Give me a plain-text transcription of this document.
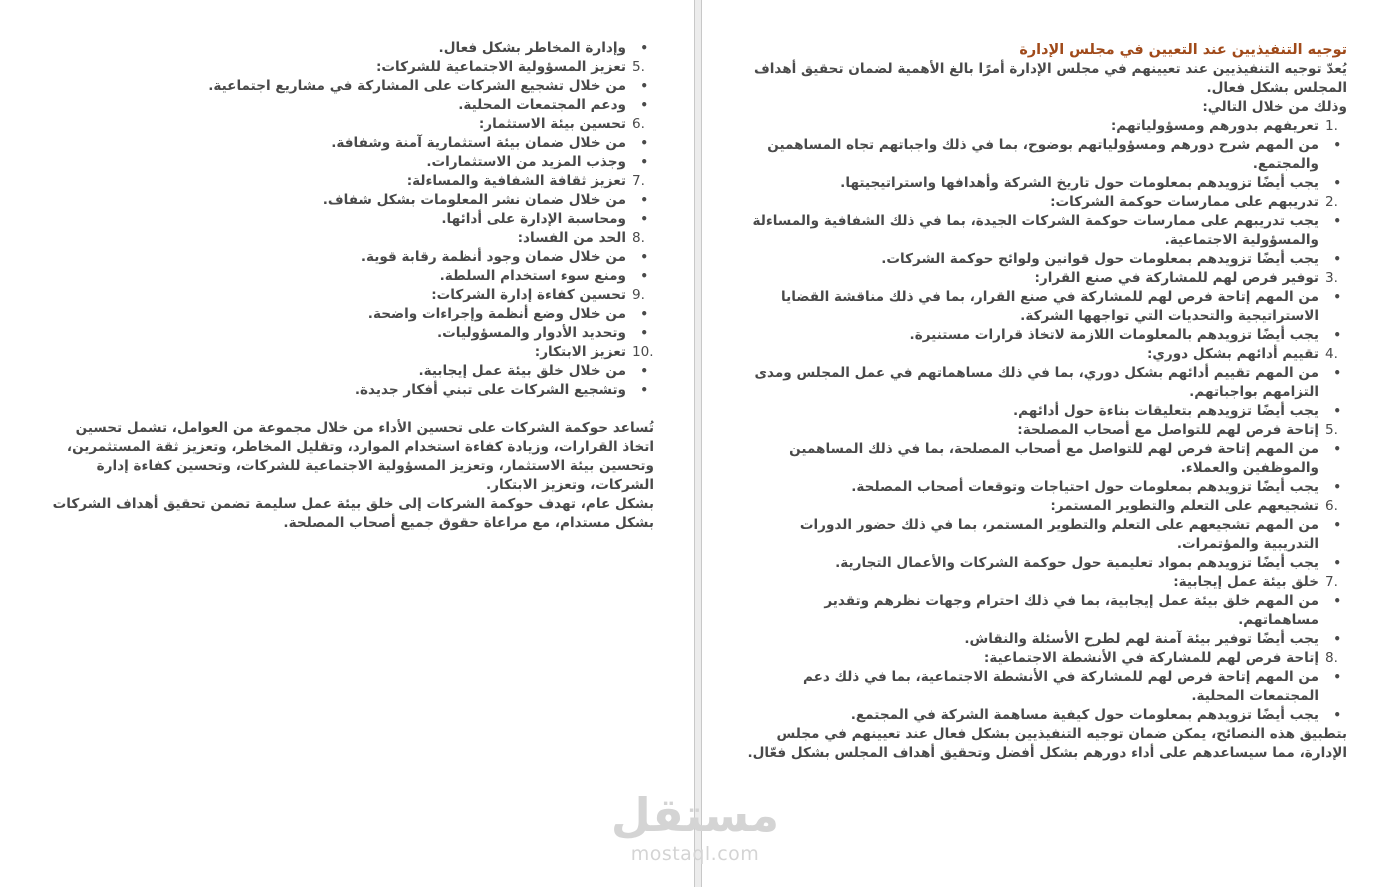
• وإدارة المخاطر بشكل فعال.

5.
تعزيز المسؤولية الاجتماعية للشركات:

• من خلال تشجيع الشركات على المشاركة في مشاريع اجتماعية.

• ودعم المجتمعات المحلية.

6.
تحسين بيئة الاستثمار:

• من خلال ضمان بيئة استثمارية آمنة وشفافة.

• وجذب المزيد من الاستثمارات.

7.
تعزيز ثقافة الشفافية والمساءلة:

• من خلال ضمان نشر المعلومات بشكل شفاف.

• ومحاسبة الإدارة على أدائها.

8.
الحد من الفساد:

• من خلال ضمان وجود أنظمة رقابة قوية.

• ومنع سوء استخدام السلطة.

9.
تحسين كفاءة إدارة الشركات:

• من خلال وضع أنظمة وإجراءات واضحة.

• وتحديد الأدوار والمسؤوليات.

10.
تعزيز الابتكار:

• من خلال خلق بيئة عمل إيجابية.

• وتشجيع الشركات على تبني أفكار جديدة.

تُساعد حوكمة الشركات على تحسين الأداء من خلال مجموعة من العوامل، تشمل تحسين اتخاذ القرارات، وزيادة كفاءة استخدام الموارد، وتقليل المخاطر، وتعزيز ثقة المستثمرين، وتحسين بيئة الاستثمار، وتعزيز المسؤولية الاجتماعية للشركات، وتحسين كفاءة إدارة الشركات، وتعزيز الابتكار.

بشكل عام، تهدف حوكمة الشركات إلى خلق بيئة عمل سليمة تضمن تحقيق أهداف الشركات بشكل مستدام، مع مراعاة حقوق جميع أصحاب المصلحة.

توجيه التنفيذيين عند التعيين في مجلس الإدارة

يُعدّ توجيه التنفيذيين عند تعيينهم في مجلس الإدارة أمرًا بالغ الأهمية لضمان تحقيق أهداف المجلس بشكل فعال.

وذلك من خلال التالي:

1.
تعريفهم بدورهم ومسؤولياتهم:

• من المهم شرح دورهم ومسؤولياتهم بوضوح، بما في ذلك واجباتهم تجاه المساهمين والمجتمع.

• يجب أيضًا تزويدهم بمعلومات حول تاريخ الشركة وأهدافها واستراتيجيتها.

2.
تدريبهم على ممارسات حوكمة الشركات:

• يجب تدريبهم على ممارسات حوكمة الشركات الجيدة، بما في ذلك الشفافية والمساءلة والمسؤولية الاجتماعية.

• يجب أيضًا تزويدهم بمعلومات حول قوانين ولوائح حوكمة الشركات.

3.
توفير فرص لهم للمشاركة في صنع القرار:

• من المهم إتاحة فرص لهم للمشاركة في صنع القرار، بما في ذلك مناقشة القضايا الاستراتيجية والتحديات التي تواجهها الشركة.

• يجب أيضًا تزويدهم بالمعلومات اللازمة لاتخاذ قرارات مستنيرة.

4.
تقييم أدائهم بشكل دوري:

• من المهم تقييم أدائهم بشكل دوري، بما في ذلك مساهماتهم في عمل المجلس ومدى التزامهم بواجباتهم.

• يجب أيضًا تزويدهم بتعليقات بناءة حول أدائهم.

5.
إتاحة فرص لهم للتواصل مع أصحاب المصلحة:

• من المهم إتاحة فرص لهم للتواصل مع أصحاب المصلحة، بما في ذلك المساهمين والموظفين والعملاء.

• يجب أيضًا تزويدهم بمعلومات حول احتياجات وتوقعات أصحاب المصلحة.

6.
تشجيعهم على التعلم والتطوير المستمر:

• من المهم تشجيعهم على التعلم والتطوير المستمر، بما في ذلك حضور الدورات التدريبية والمؤتمرات.

• يجب أيضًا تزويدهم بمواد تعليمية حول حوكمة الشركات والأعمال التجارية.

7.
خلق بيئة عمل إيجابية:

• من المهم خلق بيئة عمل إيجابية، بما في ذلك احترام وجهات نظرهم وتقدير مساهماتهم.

• يجب أيضًا توفير بيئة آمنة لهم لطرح الأسئلة والنقاش.

8.
إتاحة فرص لهم للمشاركة في الأنشطة الاجتماعية:

• من المهم إتاحة فرص لهم للمشاركة في الأنشطة الاجتماعية، بما في ذلك دعم المجتمعات المحلية.

• يجب أيضًا تزويدهم بمعلومات حول كيفية مساهمة الشركة في المجتمع.

بتطبيق هذه النصائح، يمكن ضمان توجيه التنفيذيين بشكل فعال عند تعيينهم في مجلس الإدارة، مما سيساعدهم على أداء دورهم بشكل أفضل وتحقيق أهداف المجلس بشكل فعّال.

مستقل
mostaql.com
